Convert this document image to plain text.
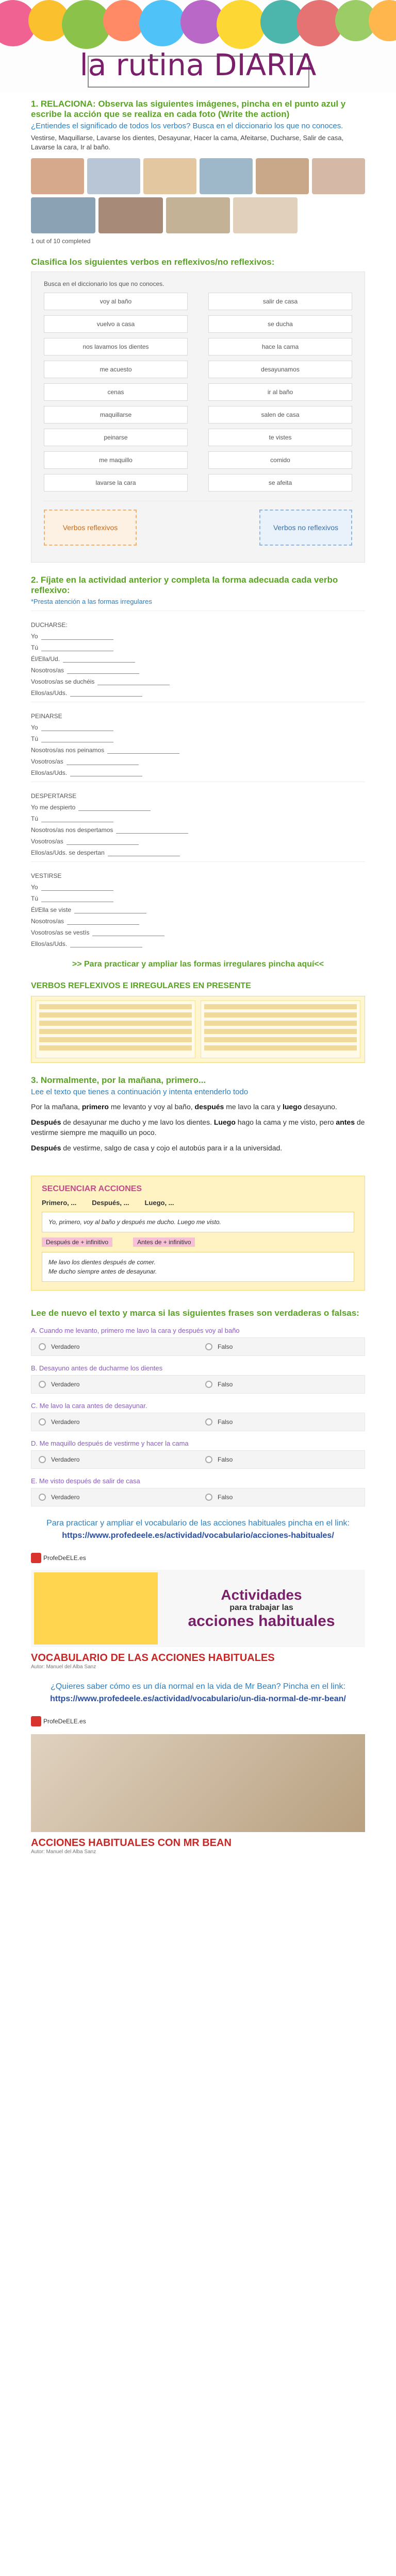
la rutina DIARIA
1. RELACIONA: Observa las siguientes imágenes, pincha en el punto azul y escribe la acción que se realiza en cada foto (Write the action)
¿Entiendes el significado de todos los verbos? Busca en el diccionario los que no conoces.
Vestirse, Maquillarse, Lavarse los dientes, Desayunar, Hacer la cama, Afeitarse, Ducharse, Salir de casa, Lavarse la cara, Ir al baño.
1 out of 10 completed
Clasifica los siguientes verbos en reflexivos/no reflexivos:
Busca en el diccionario los que no conoces.
voy al baño	salir de casa
vuelvo a casa	se ducha
nos lavamos los dientes	hace la cama
me acuesto	desayunamos
cenas	ir al baño
maquillarse	salen de casa
peinarse	te vistes
me maquillo	comido
lavarse la cara	se afeita
Verbos reflexivos	Verbos no reflexivos
2. Fíjate en la actividad anterior y completa la forma adecuada cada verbo reflexivo:
*Presta atención a las formas irregulares
DUCHARSE:
Yo
Tú
Él/Ella/Ud.
Nosotros/as
Vosotros/as se duchéis
Ellos/as/Uds.
PEINARSE
Yo
Tú
Nosotros/as nos peinamos
Vosotros/as
Ellos/as/Uds.
DESPERTARSE
Yo me despierto
Tú
Nosotros/as nos despertamos
Vosotros/as
Ellos/as/Uds. se despertan
VESTIRSE
Yo
Tú
Él/Ella se viste
Nosotros/as
Vosotros/as se vestís
Ellos/as/Uds.
>> Para practicar y ampliar las formas irregulares pincha aquí<<
VERBOS REFLEXIVOS E IRREGULARES EN PRESENTE
3. Normalmente, por la mañana, primero...
Lee el texto que tienes a continuación y intenta entenderlo todo

Por la mañana, primero me levanto y voy al baño, después me lavo la cara y luego desayuno.

Después de desayunar me ducho y me lavo los dientes. Luego hago la cama y me visto, pero antes de vestirme siempre me maquillo un poco.

Después de vestirme, salgo de casa y cojo el autobús para ir a la universidad.

SECUENCIAR ACCIONES
Primero, ... Después, ... Luego, ...
Yo, primero, voy al baño y después me ducho. Luego me visto.
Después de + infinitivo	Antes de + infinitivo
Me lavo los dientes después de comer.
Me ducho siempre antes de desayunar.
Lee de nuevo el texto y marca si las siguientes frases son verdaderas o falsas:
A. Cuando me levanto, primero me lavo la cara y después voy al baño
Verdadero	Falso
B. Desayuno antes de ducharme los dientes
Verdadero	Falso
C. Me lavo la cara antes de desayunar.
Verdadero	Falso
D. Me maquillo después de vestirme y hacer la cama
Verdadero	Falso
E. Me visto después de salir de casa
Verdadero	Falso
Para practicar y ampliar el vocabulario de las acciones habituales pincha en el link:
https://www.profedeele.es/actividad/vocabulario/acciones-habituales/
ProfeDeELE.es
Actividades
para trabajar las
acciones habituales
VOCABULARIO DE LAS ACCIONES HABITUALES
Autor: Manuel del Alba Sanz
¿Quieres saber cómo es un día normal en la vida de Mr Bean? Pincha en el link:
https://www.profedeele.es/actividad/vocabulario/un-dia-normal-de-mr-bean/
ProfeDeELE.es
ACCIONES HABITUALES CON MR BEAN
Autor: Manuel del Alba Sanz
